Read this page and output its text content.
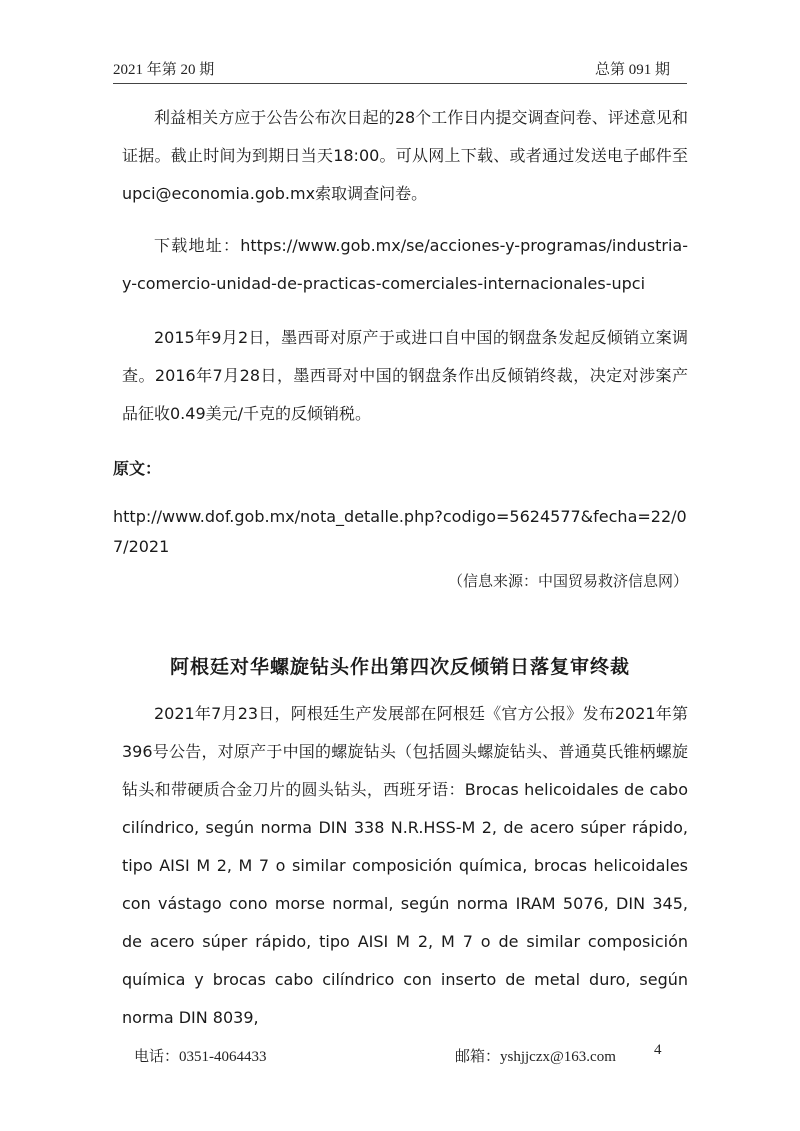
2021 年第 20 期	总第 091 期

利益相关方应于公告公布次日起的28个工作日内提交调查问卷、评述意见和证据。截止时间为到期日当天18:00。可从网上下载、或者通过发送电子邮件至upci@economia.gob.mx索取调查问卷。

下载地址：https://www.gob.mx/se/acciones-y-programas/industria-y-comercio-unidad-de-practicas-comerciales-internacionales-upci

2015年9月2日，墨西哥对原产于或进口自中国的钢盘条发起反倾销立案调查。2016年7月28日，墨西哥对中国的钢盘条作出反倾销终裁，决定对涉案产品征收0.49美元/千克的反倾销税。

原文：

http://www.dof.gob.mx/nota_detalle.php?codigo=5624577&fecha=22/07/2021

（信息来源：中国贸易救济信息网）
阿根廷对华螺旋钻头作出第四次反倾销日落复审终裁

2021年7月23日，阿根廷生产发展部在阿根廷《官方公报》发布2021年第396号公告，对原产于中国的螺旋钻头（包括圆头螺旋钻头、普通莫氏锥柄螺旋钻头和带硬质合金刀片的圆头钻头，西班牙语：Brocas helicoidales de cabo cilíndrico, según norma DIN 338 N.R.HSS-M 2, de acero súper rápido, tipo AISI M 2, M 7 o similar composición química, brocas helicoidales con vástago cono morse normal, según norma IRAM 5076, DIN 345, de acero súper rápido, tipo AISI M 2, M 7 o de similar composición química y brocas cabo cilíndrico con inserto de metal duro, según norma DIN 8039,

电话：0351-4064433	邮箱：yshjjczx@163.com	4
